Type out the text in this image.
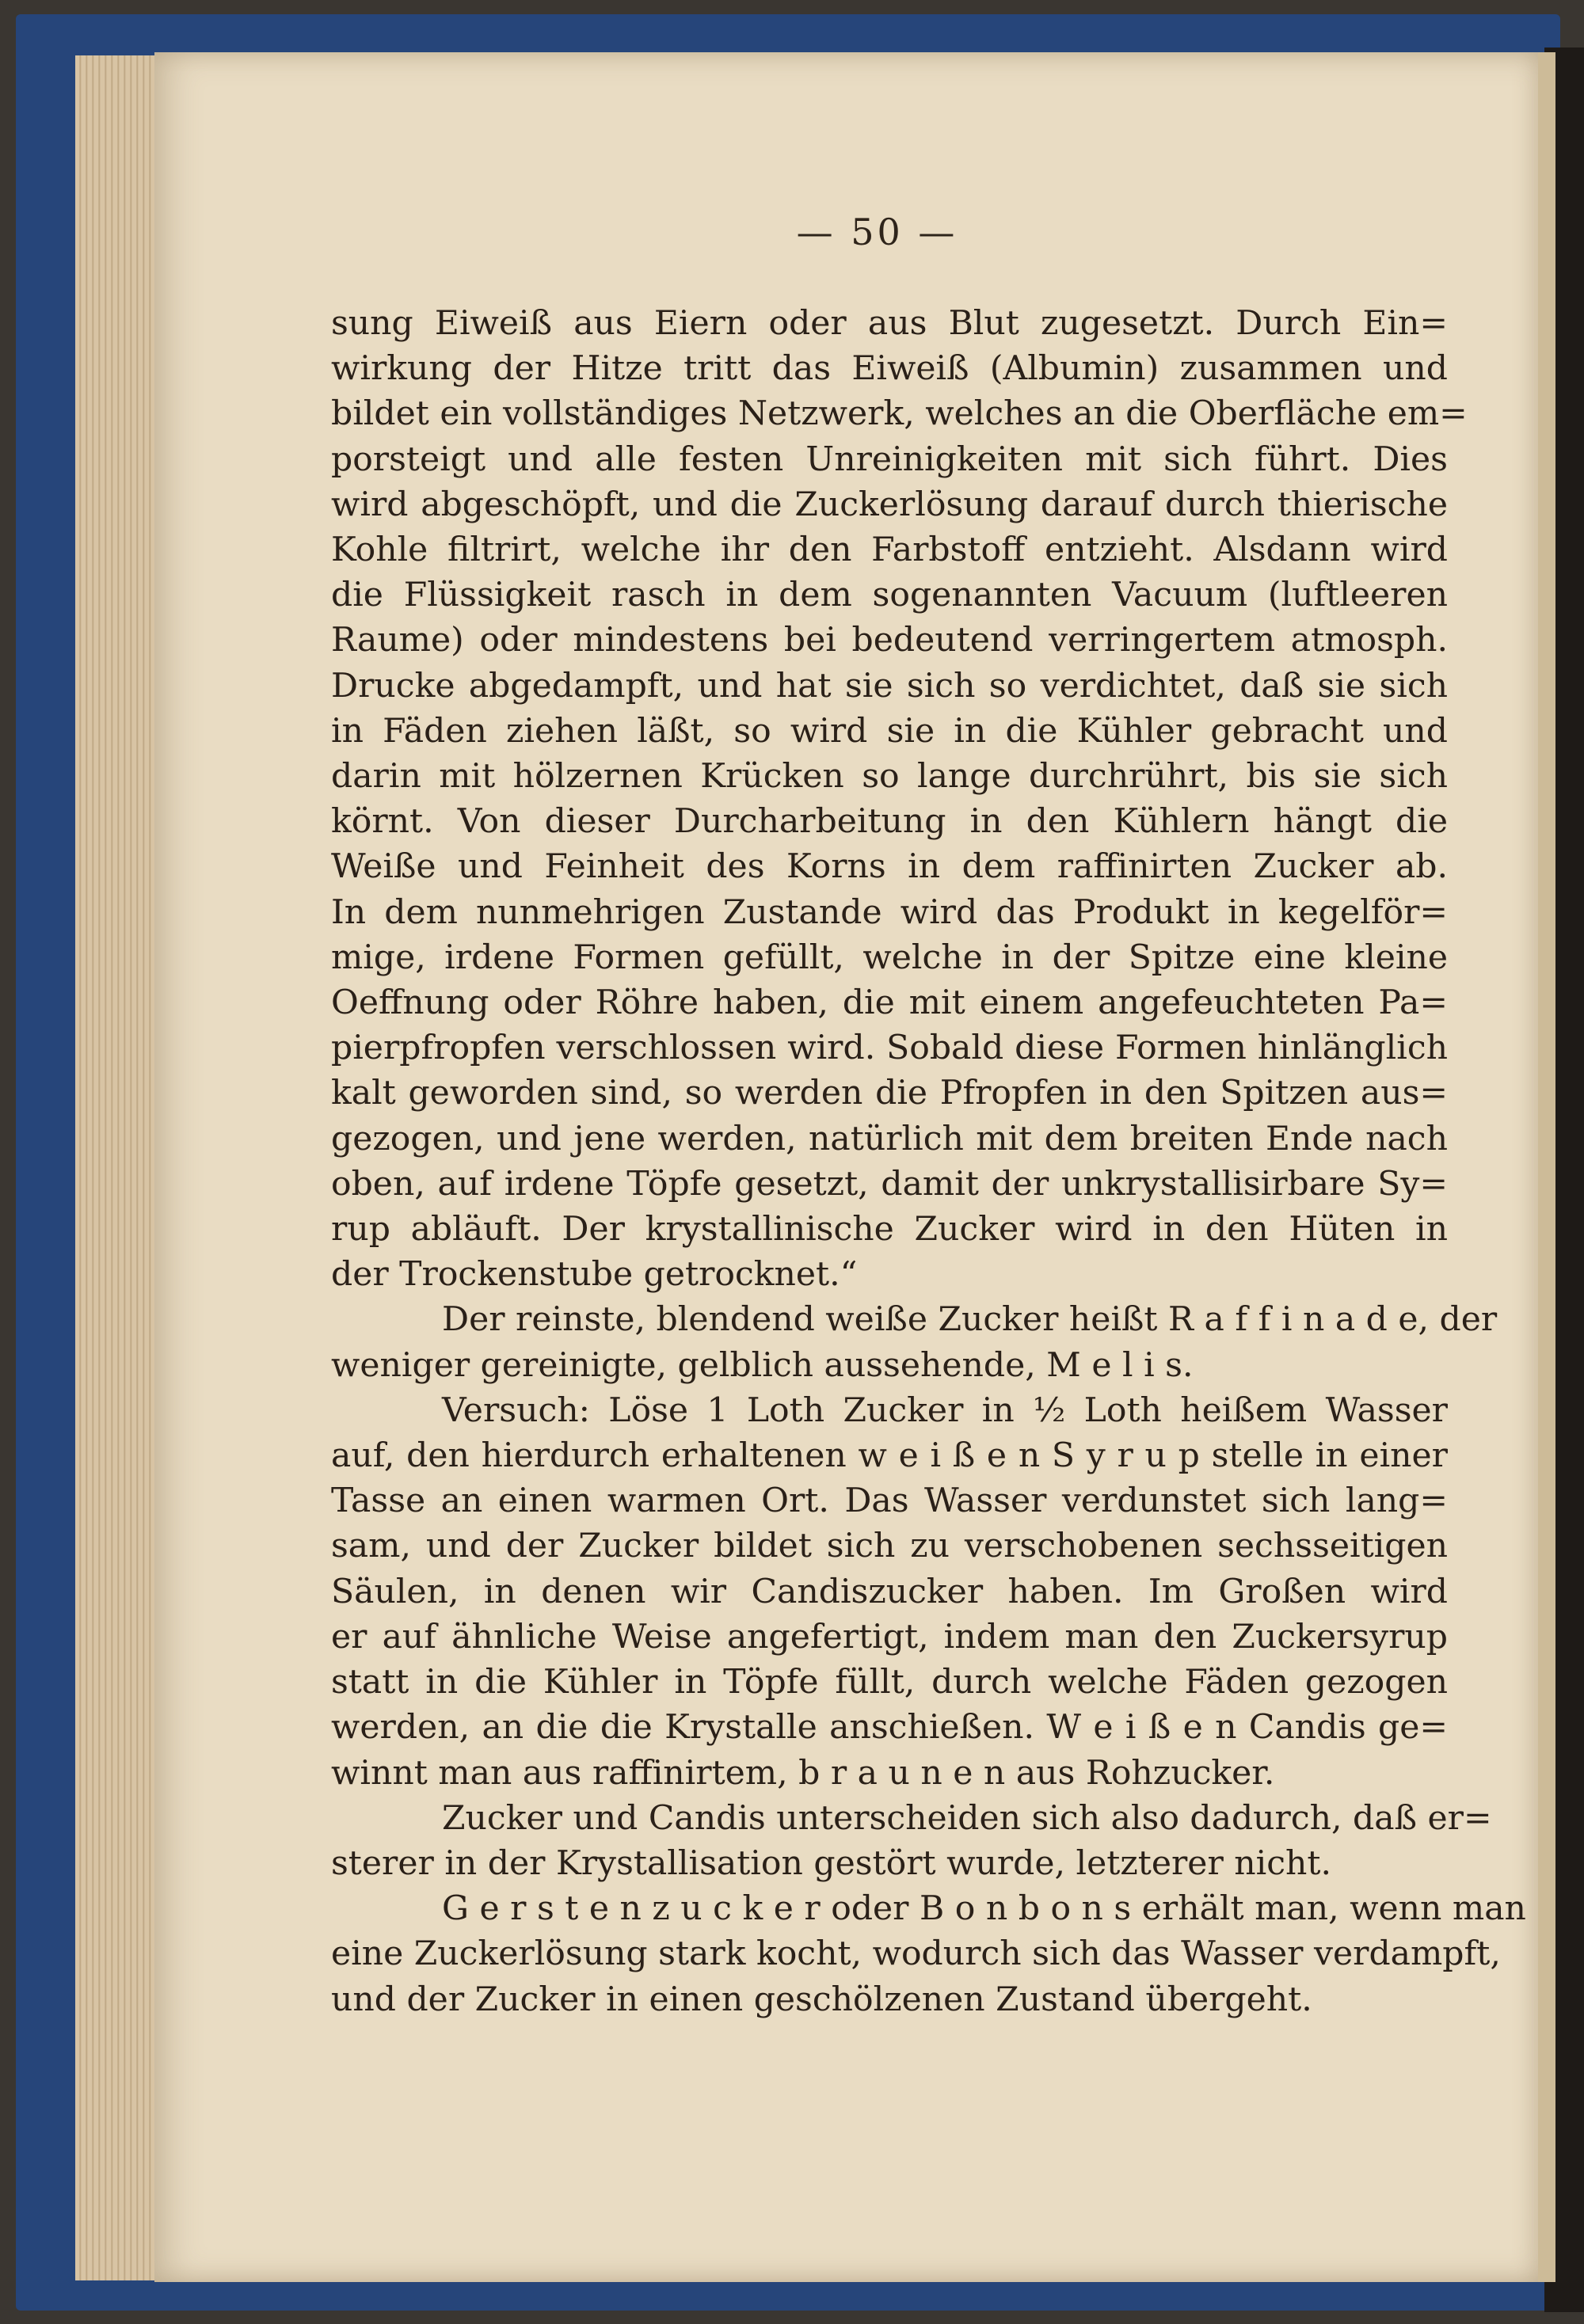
— 50 —
sung Eiweiß aus Eiern oder aus Blut zugesetzt. Durch Ein=
wirkung der Hitze tritt das Eiweiß (Albumin) zusammen und
bildet ein vollständiges Netzwerk, welches an die Oberfläche em=
porsteigt und alle festen Unreinigkeiten mit sich führt. Dies
wird abgeschöpft, und die Zuckerlösung darauf durch thierische
Kohle filtrirt, welche ihr den Farbstoff entzieht. Alsdann wird
die Flüssigkeit rasch in dem sogenannten Vacuum (luftleeren
Raume) oder mindestens bei bedeutend verringertem atmosph.
Drucke abgedampft, und hat sie sich so verdichtet, daß sie sich
in Fäden ziehen läßt, so wird sie in die Kühler gebracht und
darin mit hölzernen Krücken so lange durchrührt, bis sie sich
körnt. Von dieser Durcharbeitung in den Kühlern hängt die
Weiße und Feinheit des Korns in dem raffinirten Zucker ab.
In dem nunmehrigen Zustande wird das Produkt in kegelför=
mige, irdene Formen gefüllt, welche in der Spitze eine kleine
Oeffnung oder Röhre haben, die mit einem angefeuchteten Pa=
pierpfropfen verschlossen wird. Sobald diese Formen hinlänglich
kalt geworden sind, so werden die Pfropfen in den Spitzen aus=
gezogen, und jene werden, natürlich mit dem breiten Ende nach
oben, auf irdene Töpfe gesetzt, damit der unkrystallisirbare Sy=
rup abläuft. Der krystallinische Zucker wird in den Hüten in
der Trockenstube getrocknet.“
Der reinste, blendend weiße Zucker heißt R a f f i n a d e, der
weniger gereinigte, gelblich aussehende, M e l i s.
Versuch: Löse 1 Loth Zucker in ½ Loth heißem Wasser
auf, den hierdurch erhaltenen w e i ß e n S y r u p stelle in einer
Tasse an einen warmen Ort. Das Wasser verdunstet sich lang=
sam, und der Zucker bildet sich zu verschobenen sechsseitigen
Säulen, in denen wir Candiszucker haben. Im Großen wird
er auf ähnliche Weise angefertigt, indem man den Zuckersyrup
statt in die Kühler in Töpfe füllt, durch welche Fäden gezogen
werden, an die die Krystalle anschießen. W e i ß e n Candis ge=
winnt man aus raffinirtem, b r a u n e n aus Rohzucker.
Zucker und Candis unterscheiden sich also dadurch, daß er=
sterer in der Krystallisation gestört wurde, letzterer nicht.
G e r s t e n z u c k e r oder B o n b o n s erhält man, wenn man
eine Zuckerlösung stark kocht, wodurch sich das Wasser verdampft,
und der Zucker in einen geschölzenen Zustand übergeht.
